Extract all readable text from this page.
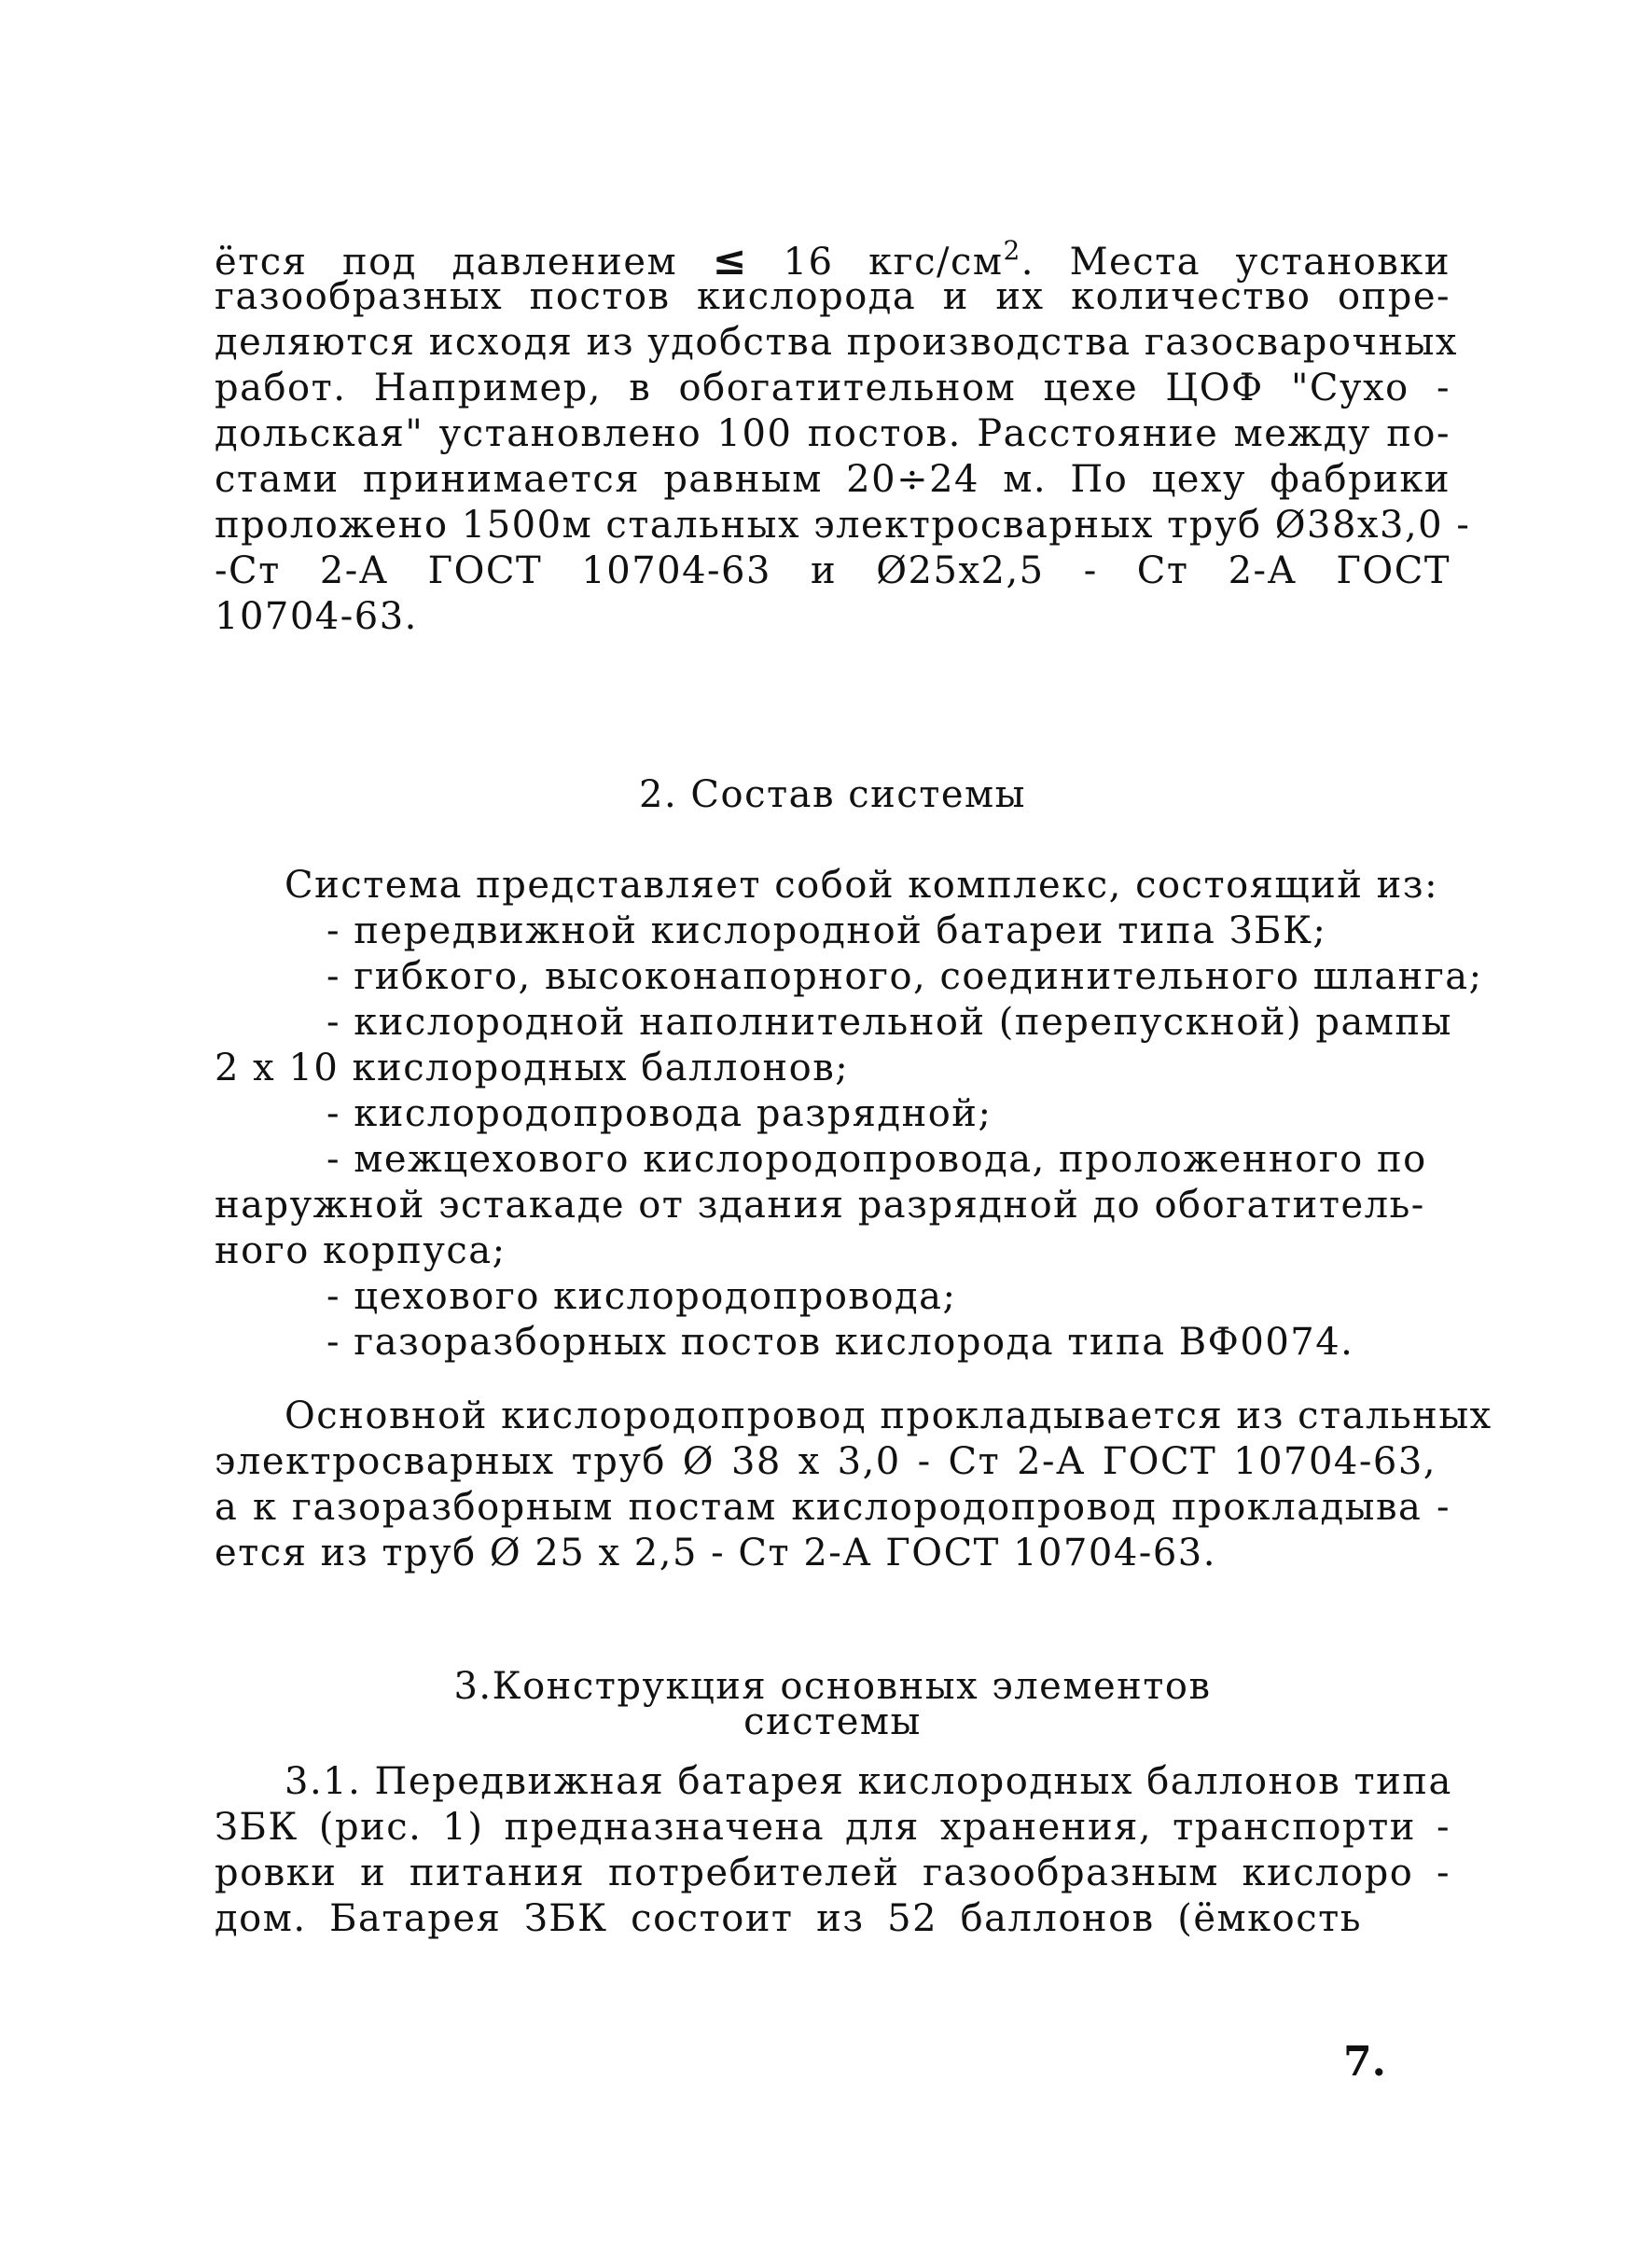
ётся под давлением ≤ 16 кгс/$см^2$. Места установки
газообразных постов кислорода и их количество опре-
деляются исходя из удобства производства газосварочных
работ. Например, в обогатительном цехе ЦОФ "Сухо -
дольская" установлено 100 постов. Расстояние между по-
стами принимается равным 20÷24 м. По цеху фабрики
проложено 1500м стальных электросварных труб Ø38x3,0 -
-Ст 2-А ГОСТ 10704-63 и Ø25x2,5 - Ст 2-А ГОСТ
10704-63.
2. Состав системы
Система представляет собой комплекс, состоящий из:
- передвижной кислородной батареи типа ЗБК;
- гибкого, высоконапорного, соединительного шланга;
- кислородной наполнительной (перепускной) рампы
2 x 10 кислородных баллонов;
- кислородопровода разрядной;
- межцехового кислородопровода, проложенного по
наружной эстакаде от здания разрядной до обогатитель-
ного корпуса;
- цехового кислородопровода;
- газоразборных постов кислорода типа ВФ0074.
Основной кислородопровод прокладывается из стальных
электросварных труб Ø 38 x 3,0 - Ст 2-А ГОСТ 10704-63,
а к газоразборным постам кислородопровод прокладыва -
ется из труб Ø 25 x 2,5 - Ст 2-А ГОСТ 10704-63.
3.Конструкция основных элементов
системы
3.1. Передвижная батарея кислородных баллонов типа
ЗБК (рис. 1) предназначена для хранения, транспорти -
ровки и питания потребителей газообразным кислоро -
дом. Батарея ЗБК состоит из 52 баллонов (ёмкость
7.
